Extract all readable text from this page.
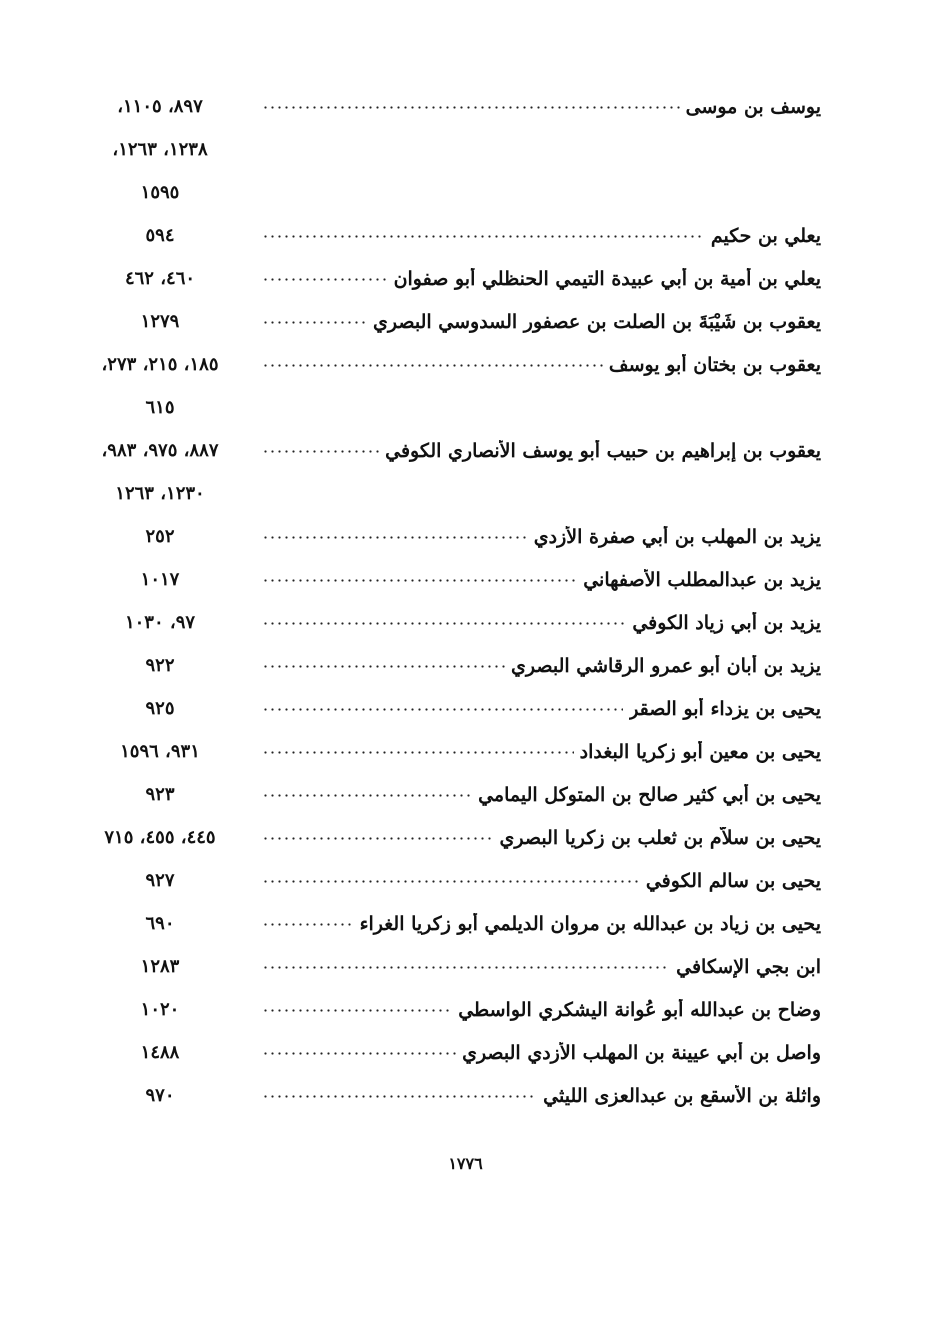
يوسف بن موسى
٨٩٧، ١١٠٥،
١٢٣٨، ١٢٦٣،
١٥٩٥
يعلي بن حكيم
٥٩٤
يعلي بن أمية بن أبي عبيدة التيمي الحنظلي أبو صفوان
٤٦٠، ٤٦٢
يعقوب بن شَيْبَةَ بن الصلت بن عصفور السدوسي البصري
١٢٧٩
يعقوب بن بختان أبو يوسف
١٨٥، ٢١٥، ٢٧٣،
٦١٥
يعقوب بن إبراهيم بن حبيب أبو يوسف الأنصاري الكوفي
٨٨٧، ٩٧٥، ٩٨٣،
١٢٣٠، ١٢٦٣
يزيد بن المهلب بن أبي صفرة الأزدي
٢٥٢
يزيد بن عبدالمطلب الأصفهاني
١٠١٧
يزيد بن أبي زياد الكوفي
٩٧، ١٠٣٠
يزيد بن أبان أبو عمرو الرقاشي البصري
٩٢٢
يحيى بن يزداء أبو الصقر
٩٢٥
يحيى بن معين أبو زكريا البغداد
٩٣١، ١٥٩٦
يحيى بن أبي كثير صالح بن المتوكل اليمامي
٩٢٣
يحيى بن سلاَّم بن ثعلب بن زكريا البصري
٤٤٥، ٤٥٥، ٧١٥
يحيى بن سالم الكوفي
٩٢٧
يحيى بن زياد بن عبدالله بن مروان الديلمي أبو زكريا الغراء
٦٩٠
ابن بجي الإسكافي
١٢٨٣
وضاح بن عبدالله أبو عُوانة اليشكري الواسطي
١٠٢٠
واصل بن أبي عيينة بن المهلب الأزدي البصري
١٤٨٨
واثلة بن الأسقع بن عبدالعزى الليثي
٩٧٠
١٧٧٦
